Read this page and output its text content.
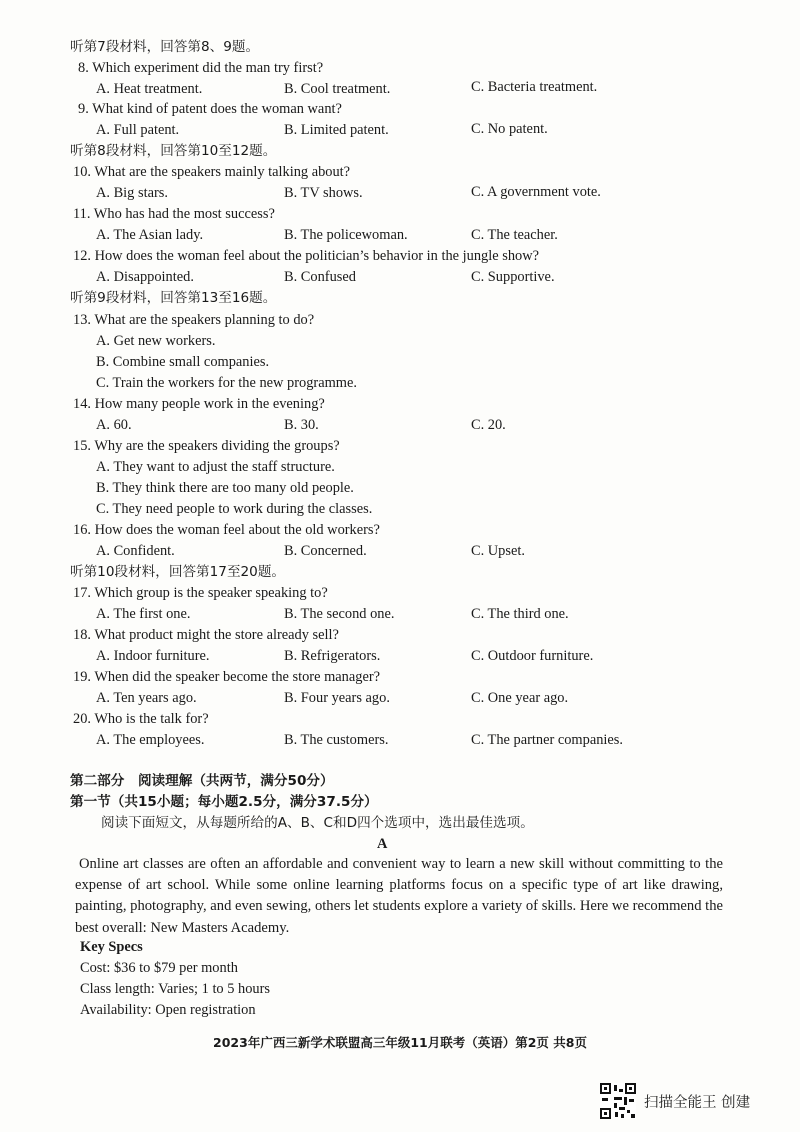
听第7段材料，回答第8、9题。
8. Which experiment did the man try first?
A. Heat treatment.	B. Cool treatment.	C. Bacteria treatment.
9. What kind of patent does the woman want?
A. Full patent.	B. Limited patent.	C. No patent.
听第8段材料，回答第10至12题。
10. What are the speakers mainly talking about?
A. Big stars.	B. TV shows.	C. A government vote.
11. Who has had the most success?
A. The Asian lady.	B. The policewoman.	C. The teacher.
12. How does the woman feel about the politician’s behavior in the jungle show?
A. Disappointed.	B. Confused	C. Supportive.
听第9段材料，回答第13至16题。
13. What are the speakers planning to do?
A. Get new workers.
B. Combine small companies.
C. Train the workers for the new programme.
14. How many people work in the evening?
A. 60.	B. 30.	C. 20.
15. Why are the speakers dividing the groups?
A. They want to adjust the staff structure.
B. They think there are too many old people.
C. They need people to work during the classes.
16. How does the woman feel about the old workers?
A. Confident.	B. Concerned.	C. Upset.
听第10段材料，回答第17至20题。
17. Which group is the speaker speaking to?
A. The first one.	B. The second one.	C. The third one.
18. What product might the store already sell?
A. Indoor furniture.	B. Refrigerators.	C. Outdoor furniture.
19. When did the speaker become the store manager?
A. Ten years ago.	B. Four years ago.	C. One year ago.
20. Who is the talk for?
A. The employees.	B. The customers.	C. The partner companies.
第二部分　阅读理解（共两节，满分50分）
第一节（共15小题；每小题2.5分，满分37.5分）
阅读下面短文，从每题所给的A、B、C和D四个选项中，选出最佳选项。
A
Online art classes are often an affordable and convenient way to learn a new skill without committing to the expense of art school. While some online learning platforms focus on a specific type of art like drawing, painting, photography, and even sewing, others let students explore a variety of skills. Here we recommend the best overall: New Masters Academy.
Key Specs
Cost: $36 to $79 per month
Class length: Varies; 1 to 5 hours
Availability: Open registration
2023年广西三新学术联盟高三年级11月联考（英语）第2页 共8页
扫描全能王 创建
